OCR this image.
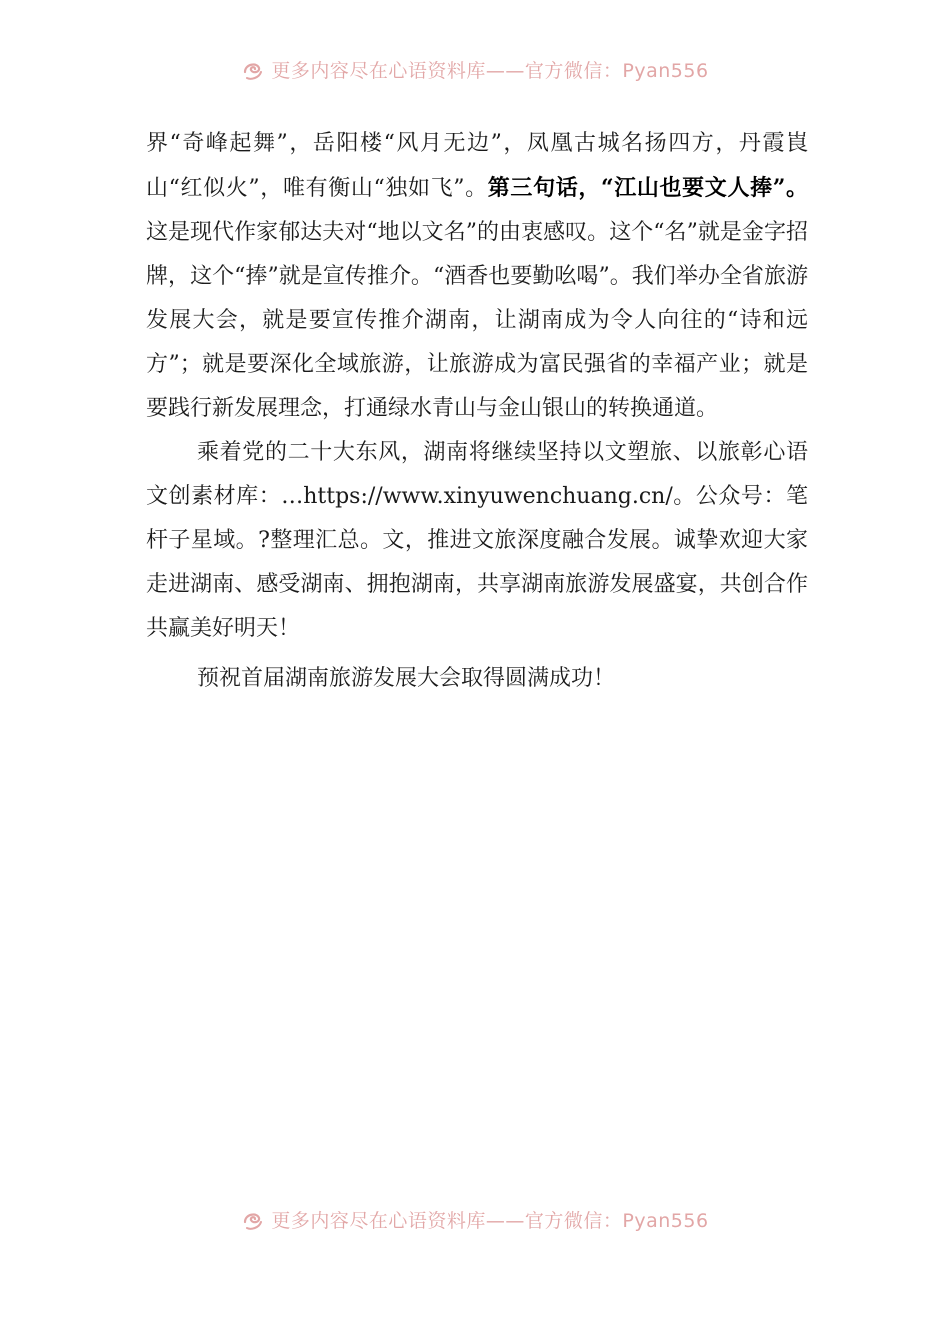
更多内容尽在心语资料库——官方微信：Pyan556

界“奇峰起舞”，岳阳楼“风月无边”，凤凰古城名扬四方，丹霞崀山“红似火”，唯有衡山“独如飞”。第三句话，“江山也要文人捧”。这是现代作家郁达夫对“地以文名”的由衷感叹。这个“名”就是金字招牌，这个“捧”就是宣传推介。“酒香也要勤吆喝”。我们举办全省旅游发展大会，就是要宣传推介湖南，让湖南成为令人向往的“诗和远方”；就是要深化全域旅游，让旅游成为富民强省的幸福产业；就是要践行新发展理念，打通绿水青山与金山银山的转换通道。

乘着党的二十大东风，湖南将继续坚持以文塑旅、以旅彰心语文创素材库：…https://www.xinyuwenchuang.cn/。公众号：笔杆子星域。?整理汇总。文，推进文旅深度融合发展。诚挚欢迎大家走进湖南、感受湖南、拥抱湖南，共享湖南旅游发展盛宴，共创合作共赢美好明天！

预祝首届湖南旅游发展大会取得圆满成功！

更多内容尽在心语资料库——官方微信：Pyan556
